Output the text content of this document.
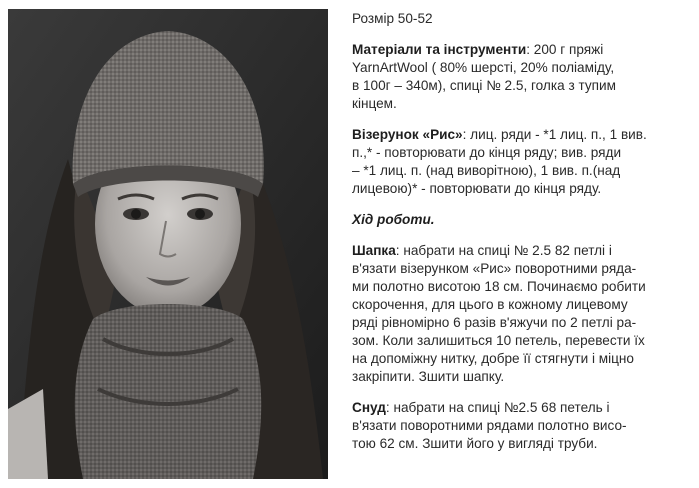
Розмір 50-52

Матеріали та інструменти: 200 г пряжі
YarnArtWool ( 80% шерсті, 20% поліаміду,
в 100г – 340м), спиці № 2.5, голка з тупим
кінцем.

Візерунок «Рис»: лиц. ряди - *1 лиц. п., 1 вив.
п.,* - повторювати до кінця ряду; вив. ряди
– *1 лиц. п. (над виворітною), 1 вив. п.(над
лицевою)* - повторювати до кінця ряду.

Хід роботи.

Шапка: набрати на спиці № 2.5 82 петлі і
в'язати візерунком «Рис» поворотними ряда-
ми полотно висотою 18 см. Починаємо робити
скорочення, для цього в кожному лицевому
ряді рівномірно 6 разів в'яжучи по 2 петлі ра-
зом. Коли залишиться 10 петель, перевести їх
на допоміжну нитку, добре її стягнути і міцно
закріпити. Зшити шапку.

Снуд: набрати на спиці №2.5 68 петель і
в'язати поворотними рядами полотно висо-
тою 62 см. Зшити його у вигляді труби.
